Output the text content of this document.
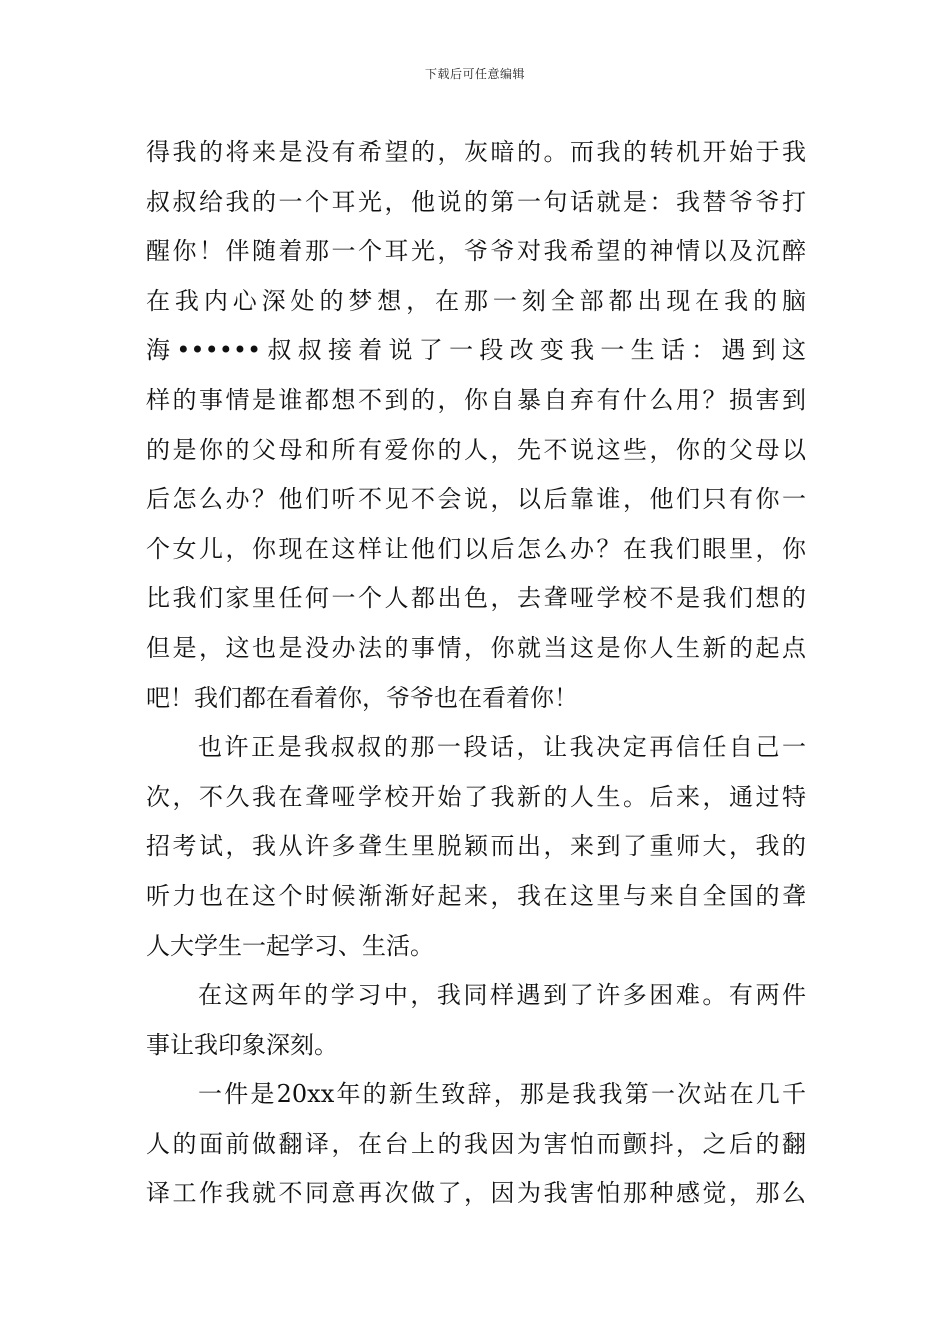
下载后可任意编辑
得我的将来是没有希望的，灰暗的。而我的转机开始于我
叔叔给我的一个耳光，他说的第一句话就是：我替爷爷打
醒你！伴随着那一个耳光，爷爷对我希望的神情以及沉醉
在我内心深处的梦想，在那一刻全部都出现在我的脑
海••••••叔叔接着说了一段改变我一生话：遇到这
样的事情是谁都想不到的，你自暴自弃有什么用？损害到
的是你的父母和所有爱你的人，先不说这些，你的父母以
后怎么办？他们听不见不会说，以后靠谁，他们只有你一
个女儿，你现在这样让他们以后怎么办？在我们眼里，你
比我们家里任何一个人都出色，去聋哑学校不是我们想的
但是，这也是没办法的事情，你就当这是你人生新的起点
吧！我们都在看着你，爷爷也在看着你！
也许正是我叔叔的那一段话，让我决定再信任自己一
次，不久我在聋哑学校开始了我新的人生。后来，通过特
招考试，我从许多聋生里脱颖而出，来到了重师大，我的
听力也在这个时候渐渐好起来，我在这里与来自全国的聋
人大学生一起学习、生活。
在这两年的学习中，我同样遇到了许多困难。有两件
事让我印象深刻。
一件是20xx年的新生致辞，那是我我第一次站在几千
人的面前做翻译，在台上的我因为害怕而颤抖，之后的翻
译工作我就不同意再次做了，因为我害怕那种感觉，那么
